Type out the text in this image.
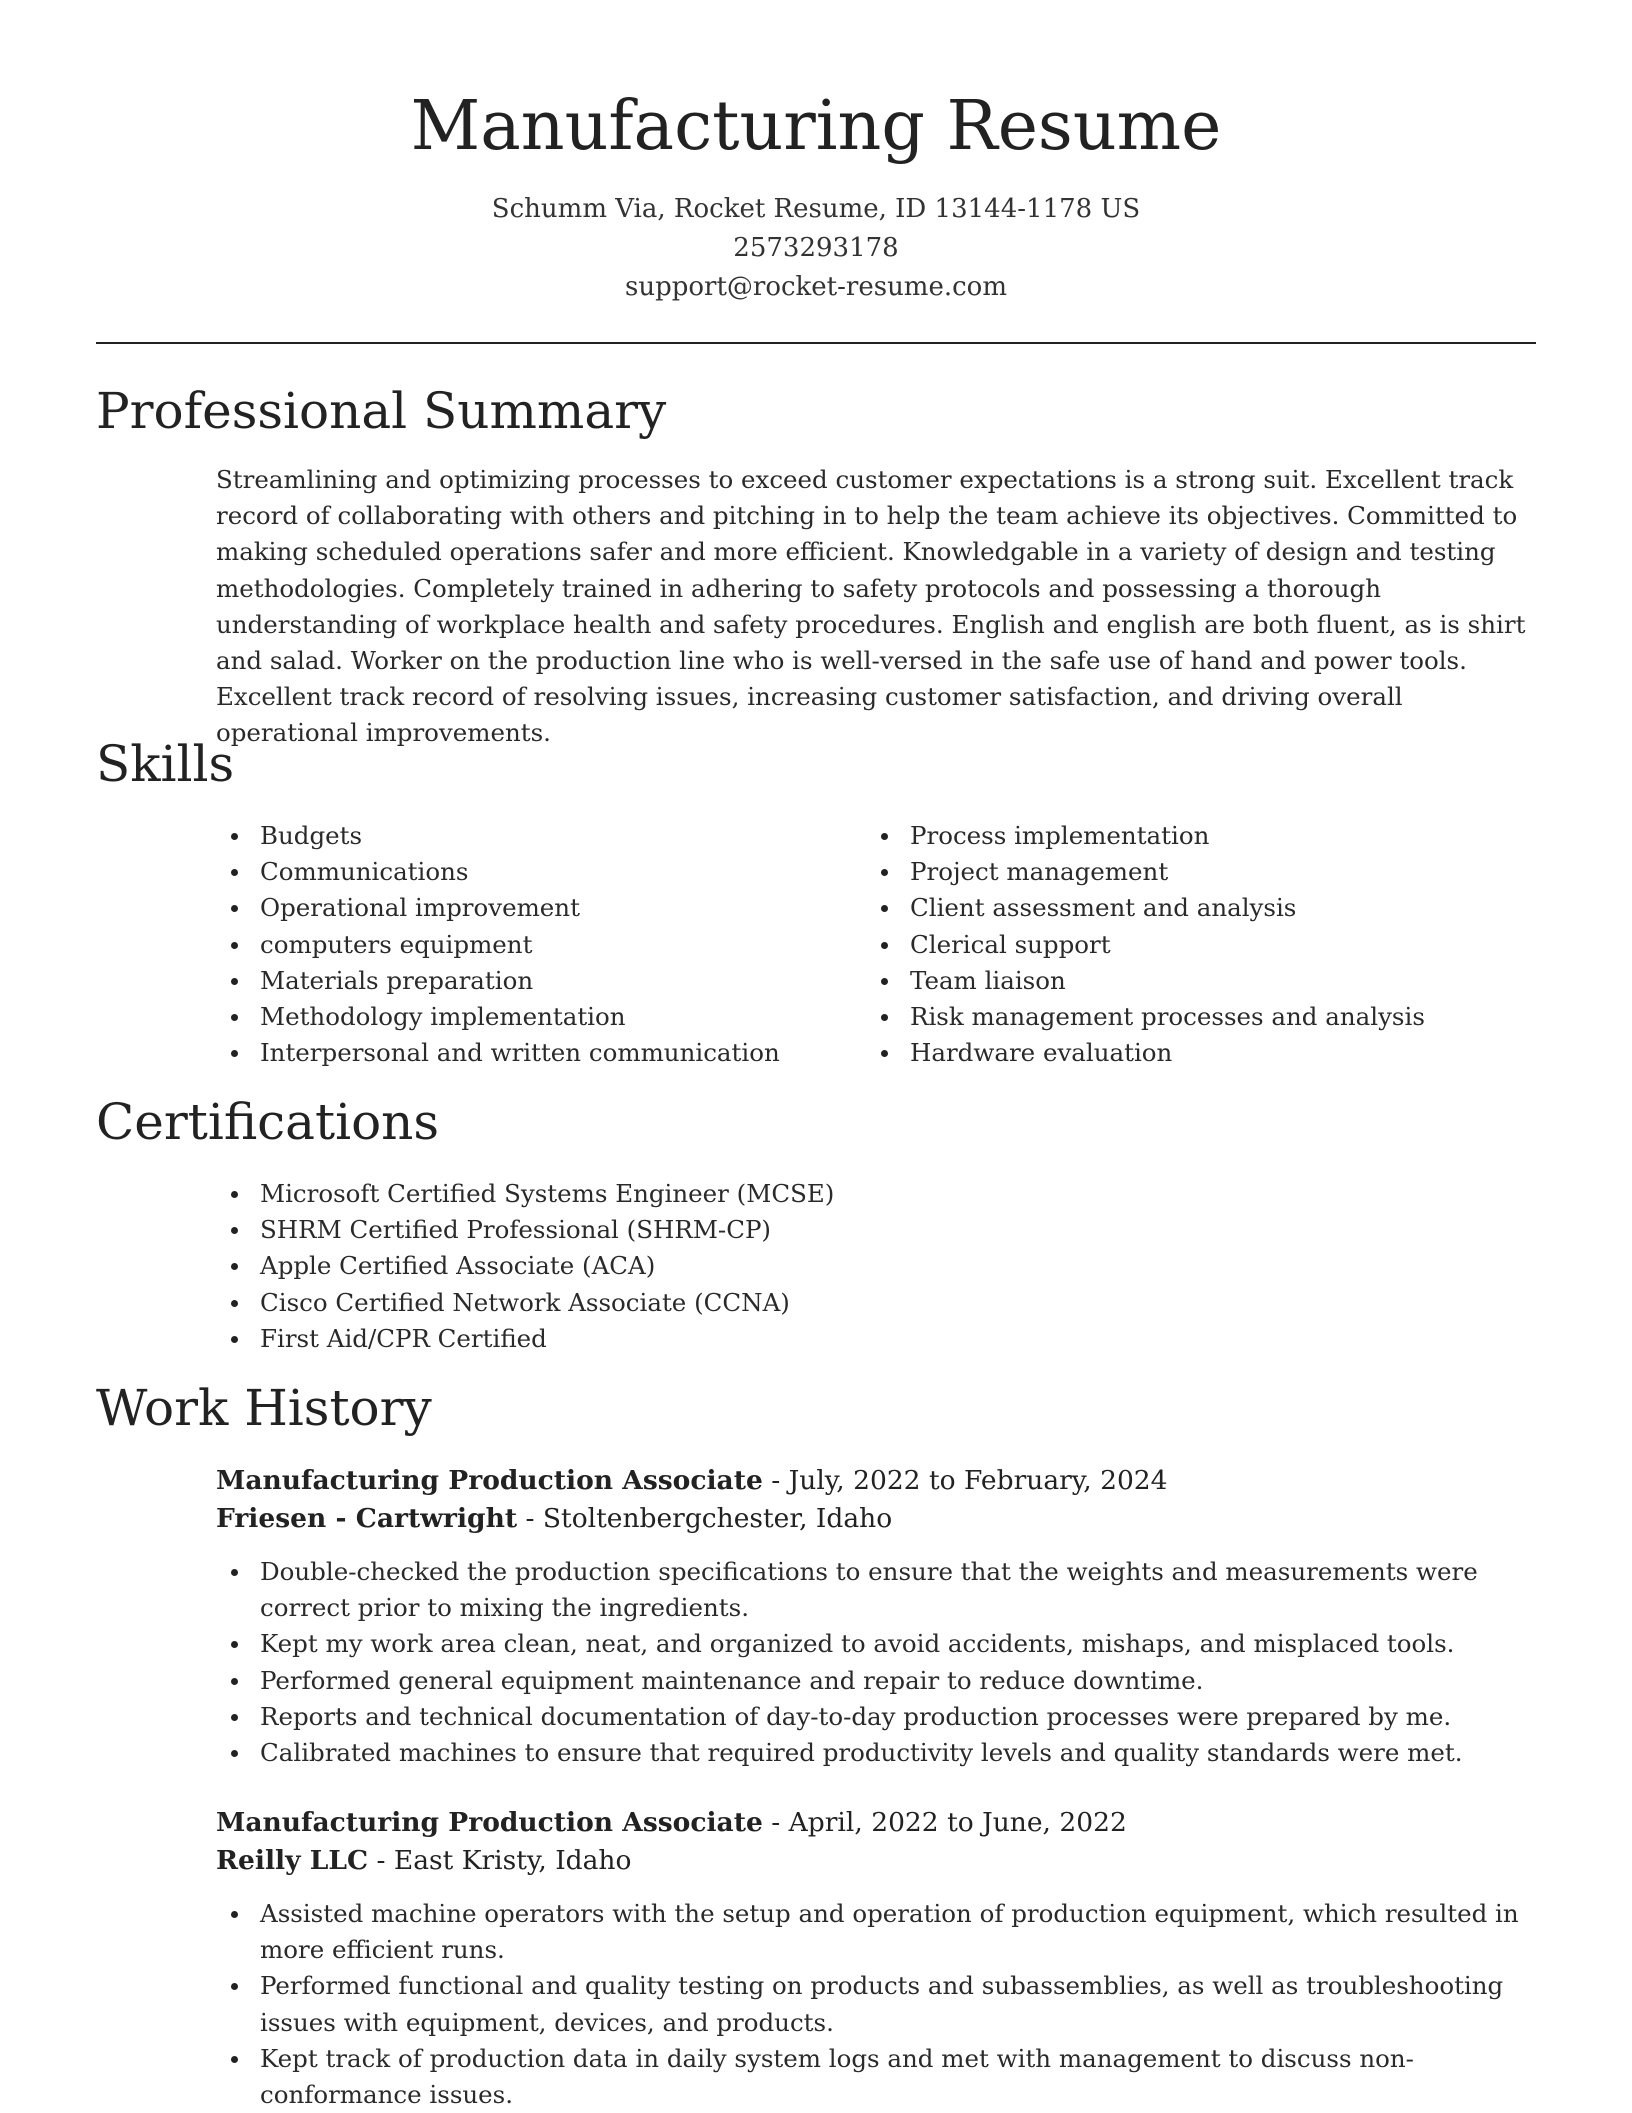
Manufacturing Resume
Schumm Via, Rocket Resume, ID 13144-1178 US
2573293178
support@rocket-resume.com
Professional Summary
Streamlining and optimizing processes to exceed customer expectations is a strong suit. Excellent track record of collaborating with others and pitching in to help the team achieve its objectives. Committed to making scheduled operations safer and more efficient. Knowledgable in a variety of design and testing methodologies. Completely trained in adhering to safety protocols and possessing a thorough understanding of workplace health and safety procedures. English and english are both fluent, as is shirt and salad. Worker on the production line who is well-versed in the safe use of hand and power tools. Excellent track record of resolving issues, increasing customer satisfaction, and driving overall operational improvements.
Skills
Budgets
Communications
Operational improvement
computers equipment
Materials preparation
Methodology implementation
Interpersonal and written communication
Process implementation
Project management
Client assessment and analysis
Clerical support
Team liaison
Risk management processes and analysis
Hardware evaluation
Certifications
Microsoft Certified Systems Engineer (MCSE)
SHRM Certified Professional (SHRM-CP)
Apple Certified Associate (ACA)
Cisco Certified Network Associate (CCNA)
First Aid/CPR Certified
Work History
Manufacturing Production Associate - July, 2022 to February, 2024
Friesen - Cartwright - Stoltenbergchester, Idaho
Double-checked the production specifications to ensure that the weights and measurements were correct prior to mixing the ingredients.
Kept my work area clean, neat, and organized to avoid accidents, mishaps, and misplaced tools.
Performed general equipment maintenance and repair to reduce downtime.
Reports and technical documentation of day-to-day production processes were prepared by me.
Calibrated machines to ensure that required productivity levels and quality standards were met.
Manufacturing Production Associate - April, 2022 to June, 2022
Reilly LLC - East Kristy, Idaho
Assisted machine operators with the setup and operation of production equipment, which resulted in more efficient runs.
Performed functional and quality testing on products and subassemblies, as well as troubleshooting issues with equipment, devices, and products.
Kept track of production data in daily system logs and met with management to discuss non-conformance issues.
